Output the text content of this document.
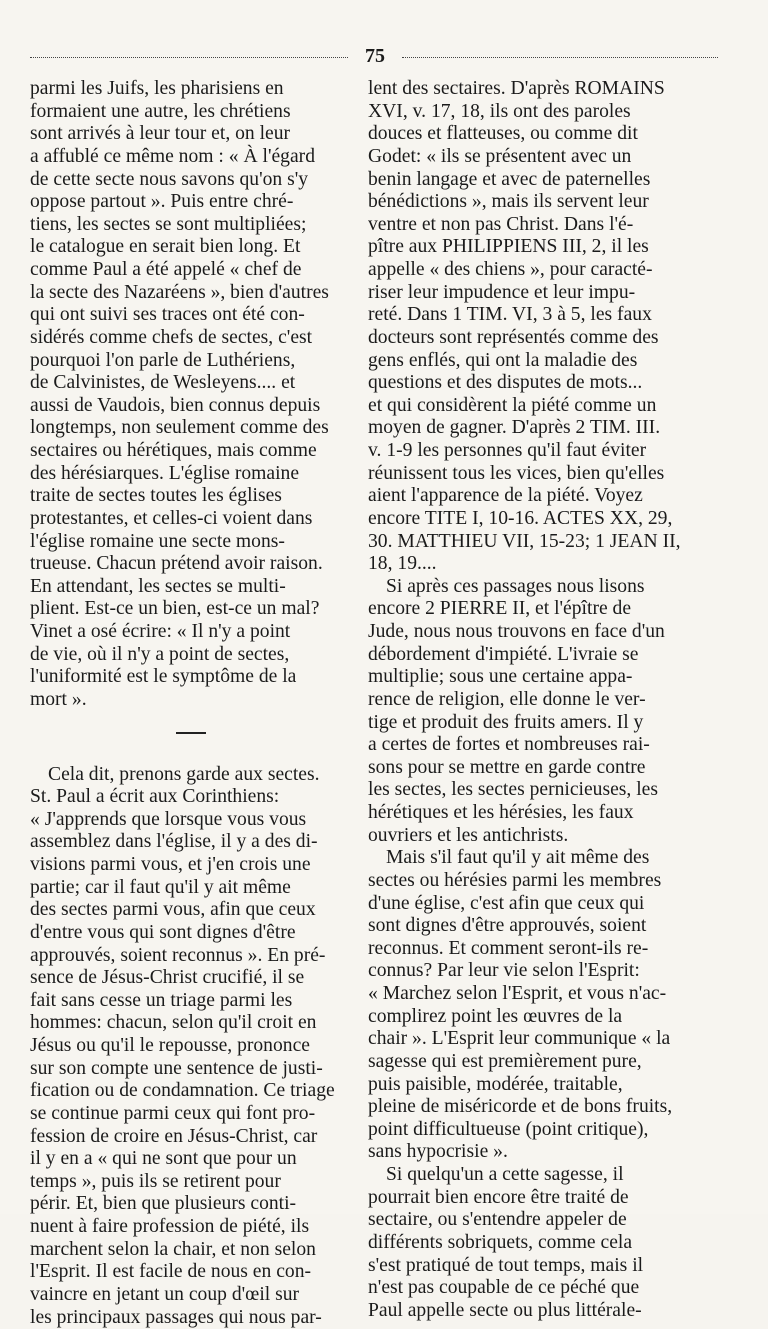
75

parmi les Juifs, les pharisiens en
formaient une autre, les chrétiens
sont arrivés à leur tour et, on leur
a affublé ce même nom : « À l'égard
de cette secte nous savons qu'on s'y
oppose partout ». Puis entre chré-
tiens, les sectes se sont multipliées;
le catalogue en serait bien long. Et
comme Paul a été appelé « chef de
la secte des Nazaréens », bien d'autres
qui ont suivi ses traces ont été con-
sidérés comme chefs de sectes, c'est
pourquoi l'on parle de Luthériens,
de Calvinistes, de Wesleyens.... et
aussi de Vaudois, bien connus depuis
longtemps, non seulement comme des
sectaires ou hérétiques, mais comme
des hérésiarques. L'église romaine
traite de sectes toutes les églises
protestantes, et celles-ci voient dans
l'église romaine une secte mons-
trueuse. Chacun prétend avoir raison.
En attendant, les sectes se multi-
plient. Est-ce un bien, est-ce un mal?
Vinet a osé écrire: « Il n'y a point
de vie, où il n'y a point de sectes,
l'uniformité est le symptôme de la
mort ».

Cela dit, prenons garde aux sectes.
St. Paul a écrit aux Corinthiens:
« J'apprends que lorsque vous vous
assemblez dans l'église, il y a des di-
visions parmi vous, et j'en crois une
partie; car il faut qu'il y ait même
des sectes parmi vous, afin que ceux
d'entre vous qui sont dignes d'être
approuvés, soient reconnus ». En pré-
sence de Jésus-Christ crucifié, il se
fait sans cesse un triage parmi les
hommes: chacun, selon qu'il croit en
Jésus ou qu'il le repousse, prononce
sur son compte une sentence de justi-
fication ou de condamnation. Ce triage
se continue parmi ceux qui font pro-
fession de croire en Jésus-Christ, car
il y en a « qui ne sont que pour un
temps », puis ils se retirent pour
périr. Et, bien que plusieurs conti-
nuent à faire profession de piété, ils
marchent selon la chair, et non selon
l'Esprit. Il est facile de nous en con-
vaincre en jetant un coup d'œil sur
les principaux passages qui nous par-

lent des sectaires. D'après ROMAINS
XVI, v. 17, 18, ils ont des paroles
douces et flatteuses, ou comme dit
Godet: « ils se présentent avec un
benin langage et avec de paternelles
bénédictions », mais ils servent leur
ventre et non pas Christ. Dans l'é-
pître aux PHILIPPIENS III, 2, il les
appelle « des chiens », pour caracté-
riser leur impudence et leur impu-
reté. Dans 1 TIM. VI, 3 à 5, les faux
docteurs sont représentés comme des
gens enflés, qui ont la maladie des
questions et des disputes de mots...
et qui considèrent la piété comme un
moyen de gagner. D'après 2 TIM. III.
v. 1-9 les personnes qu'il faut éviter
réunissent tous les vices, bien qu'elles
aient l'apparence de la piété. Voyez
encore TITE I, 10-16. ACTES XX, 29,
30. MATTHIEU VII, 15-23; 1 JEAN II,
18, 19....

Si après ces passages nous lisons
encore 2 PIERRE II, et l'épître de
Jude, nous nous trouvons en face d'un
débordement d'impiété. L'ivraie se
multiplie; sous une certaine appa-
rence de religion, elle donne le ver-
tige et produit des fruits amers. Il y
a certes de fortes et nombreuses rai-
sons pour se mettre en garde contre
les sectes, les sectes pernicieuses, les
hérétiques et les hérésies, les faux
ouvriers et les antichrists.

Mais s'il faut qu'il y ait même des
sectes ou hérésies parmi les membres
d'une église, c'est afin que ceux qui
sont dignes d'être approuvés, soient
reconnus. Et comment seront-ils re-
connus? Par leur vie selon l'Esprit:
« Marchez selon l'Esprit, et vous n'ac-
complirez point les œuvres de la
chair ». L'Esprit leur communique « la
sagesse qui est premièrement pure,
puis paisible, modérée, traitable,
pleine de miséricorde et de bons fruits,
point difficultueuse (point critique),
sans hypocrisie ».

Si quelqu'un a cette sagesse, il
pourrait bien encore être traité de
sectaire, ou s'entendre appeler de
différents sobriquets, comme cela
s'est pratiqué de tout temps, mais il
n'est pas coupable de ce péché que
Paul appelle secte ou plus littérale-
